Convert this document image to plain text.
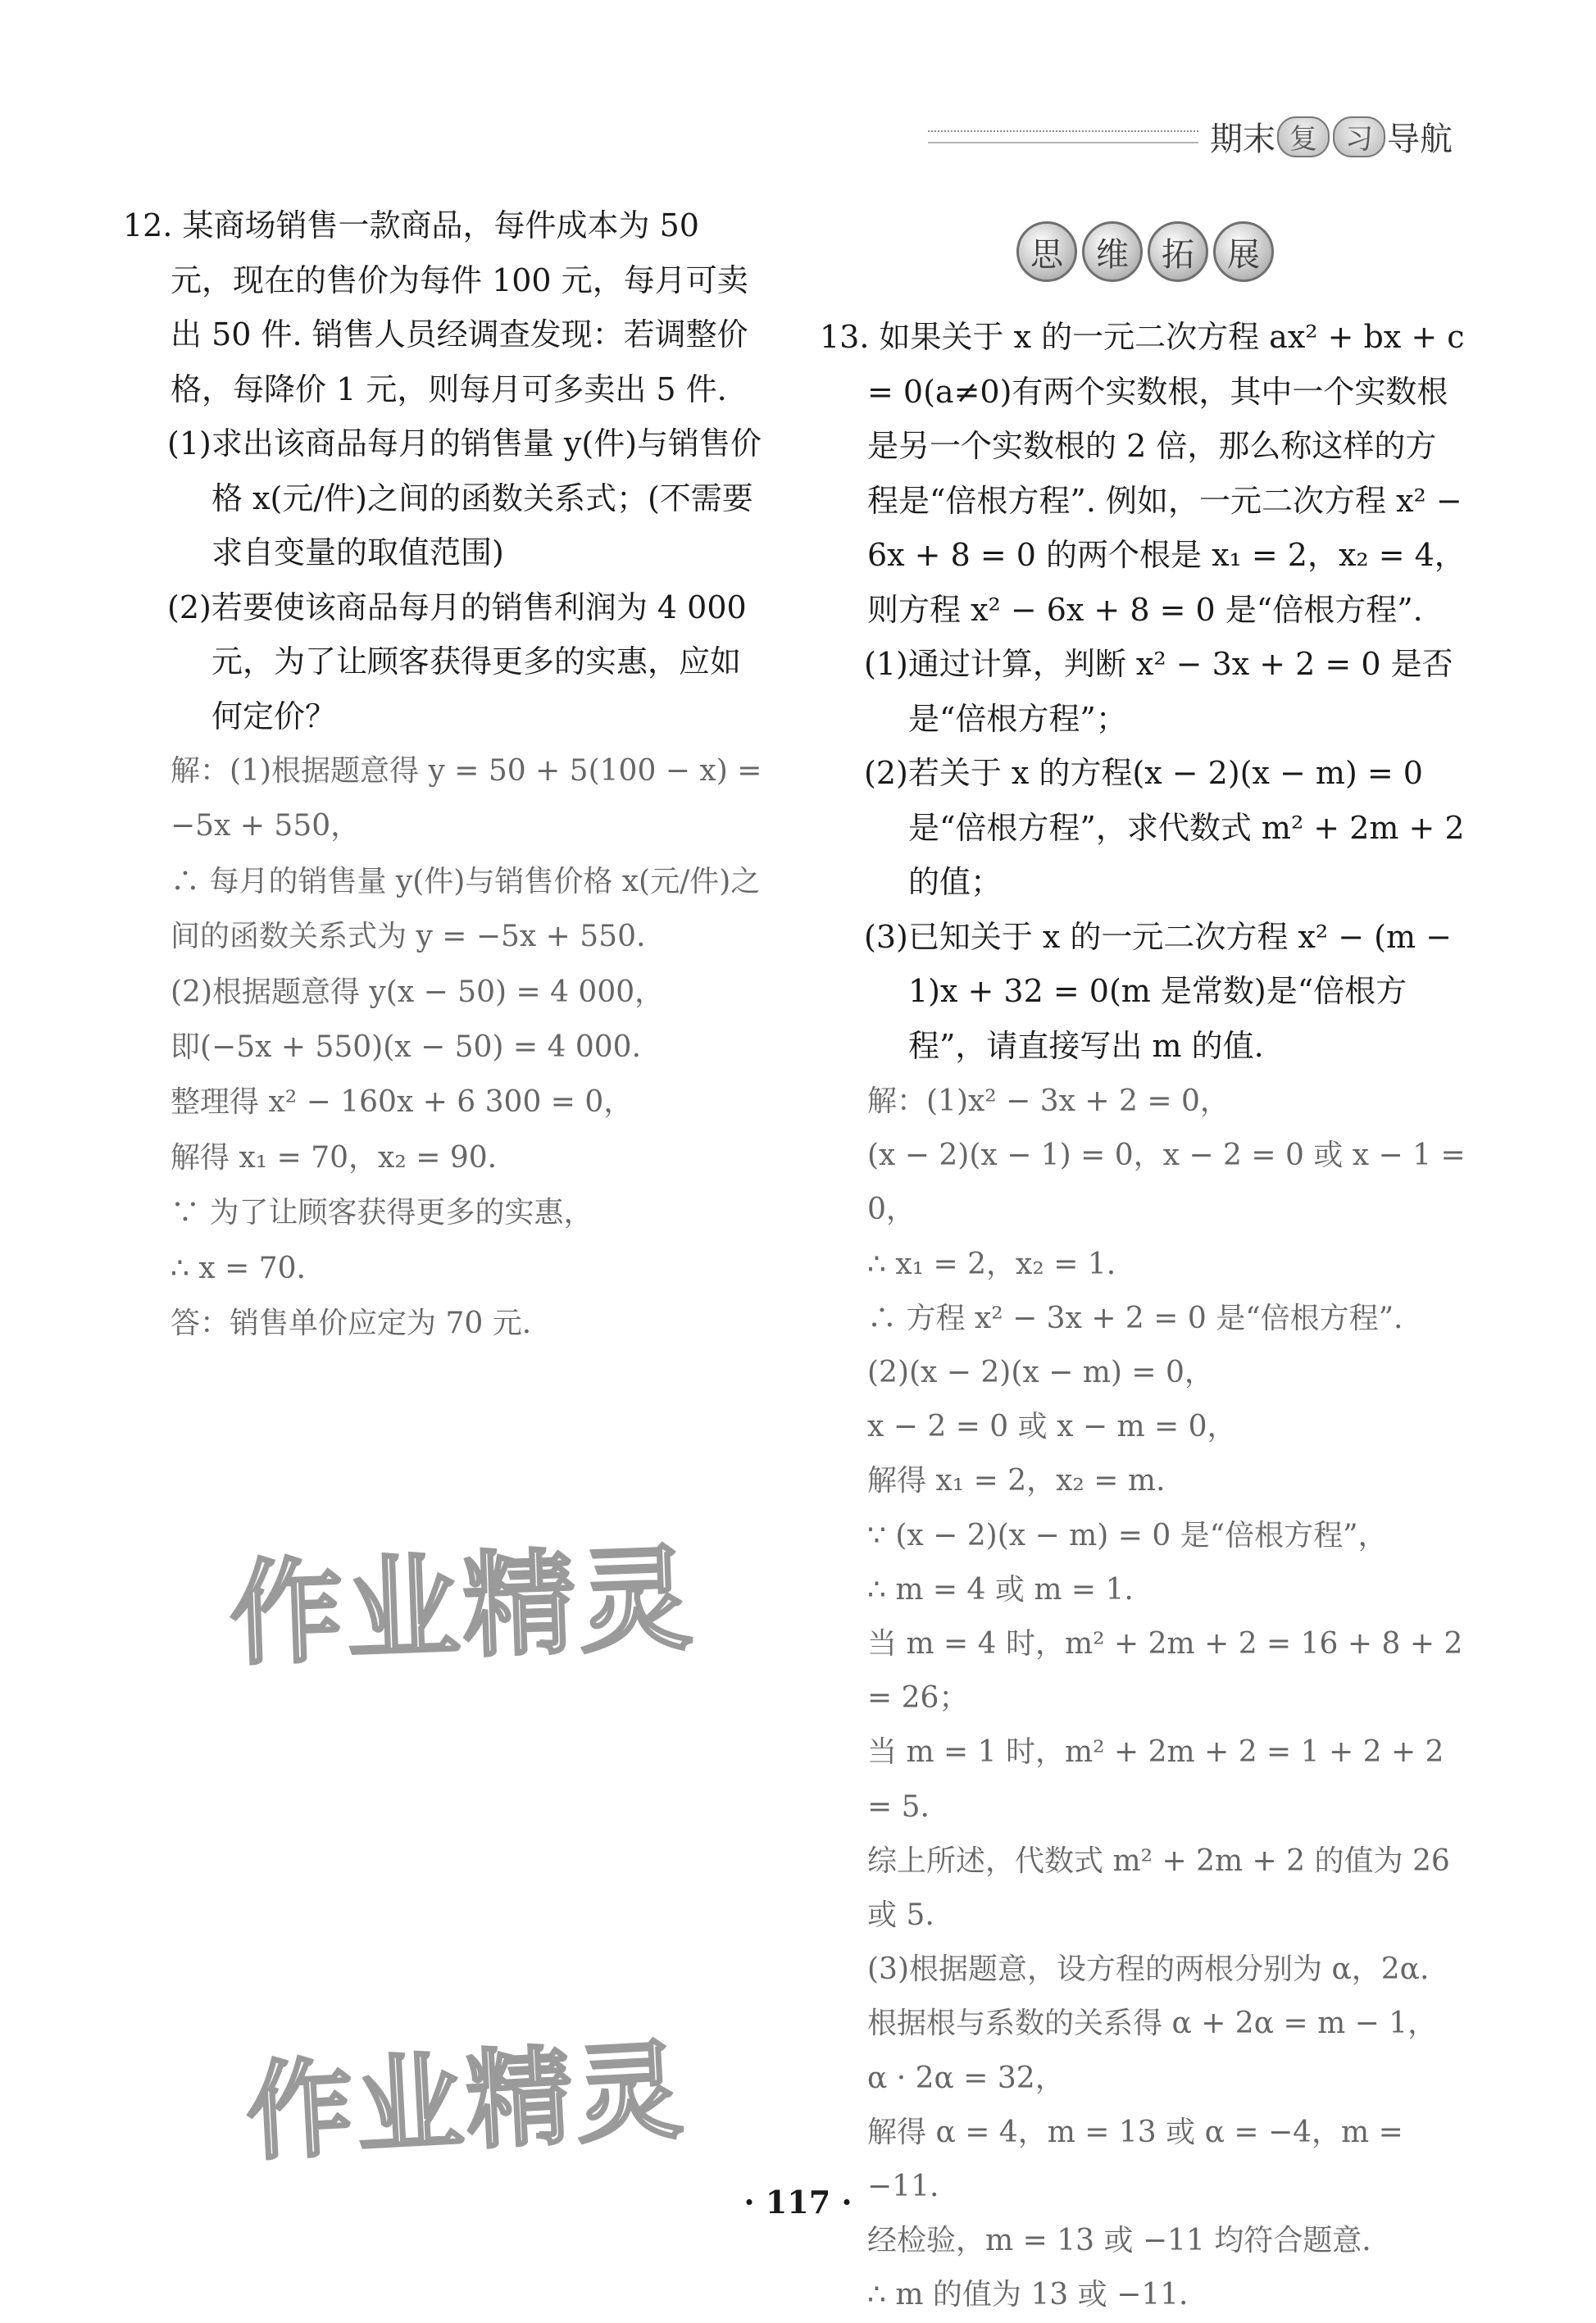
期末 复	习 导航

12. 某商场销售一款商品，每件成本为 50 元，现在的售价为每件 100 元，每月可卖出 50 件. 销售人员经调查发现：若调整价格，每降价 1 元，则每月可多卖出 5 件.

(1)求出该商品每月的销售量 y(件)与销售价格 x(元/件)之间的函数关系式；(不需要求自变量的取值范围)

(2)若要使该商品每月的销售利润为 4 000 元，为了让顾客获得更多的实惠，应如何定价？

解：(1)根据题意得 y = 50 + 5(100 − x) = −5x + 550，

∴ 每月的销售量 y(件)与销售价格 x(元/件)之间的函数关系式为 y = −5x + 550.

(2)根据题意得 y(x − 50) = 4 000，

即(−5x + 550)(x − 50) = 4 000.

整理得 x² − 160x + 6 300 = 0，

解得 x₁ = 70，x₂ = 90.

∵ 为了让顾客获得更多的实惠，

∴ x = 70.

答：销售单价应定为 70 元.

思	维	拓	展

13. 如果关于 x 的一元二次方程 ax² + bx + c = 0(a≠0)有两个实数根，其中一个实数根是另一个实数根的 2 倍，那么称这样的方程是“倍根方程”. 例如，一元二次方程 x² − 6x + 8 = 0 的两个根是 x₁ = 2，x₂ = 4，则方程 x² − 6x + 8 = 0 是“倍根方程”.

(1)通过计算，判断 x² − 3x + 2 = 0 是否是“倍根方程”；

(2)若关于 x 的方程(x − 2)(x − m) = 0 是“倍根方程”，求代数式 m² + 2m + 2 的值；

(3)已知关于 x 的一元二次方程 x² − (m − 1)x + 32 = 0(m 是常数)是“倍根方程”，请直接写出 m 的值.

解：(1)x² − 3x + 2 = 0，

(x − 2)(x − 1) = 0，x − 2 = 0 或 x − 1 = 0，

∴ x₁ = 2，x₂ = 1.

∴ 方程 x² − 3x + 2 = 0 是“倍根方程”.

(2)(x − 2)(x − m) = 0，

x − 2 = 0 或 x − m = 0，

解得 x₁ = 2，x₂ = m.

∵ (x − 2)(x − m) = 0 是“倍根方程”，

∴ m = 4 或 m = 1.

当 m = 4 时，m² + 2m + 2 = 16 + 8 + 2 = 26；

当 m = 1 时，m² + 2m + 2 = 1 + 2 + 2 = 5.

综上所述，代数式 m² + 2m + 2 的值为 26 或 5.

(3)根据题意，设方程的两根分别为 α，2α.

根据根与系数的关系得 α + 2α = m − 1，

α · 2α = 32，

解得 α = 4，m = 13 或 α = −4，m = −11.

经检验，m = 13 或 −11 均符合题意.

∴ m 的值为 13 或 −11.

作业精灵
作业精灵
· 117 ·
